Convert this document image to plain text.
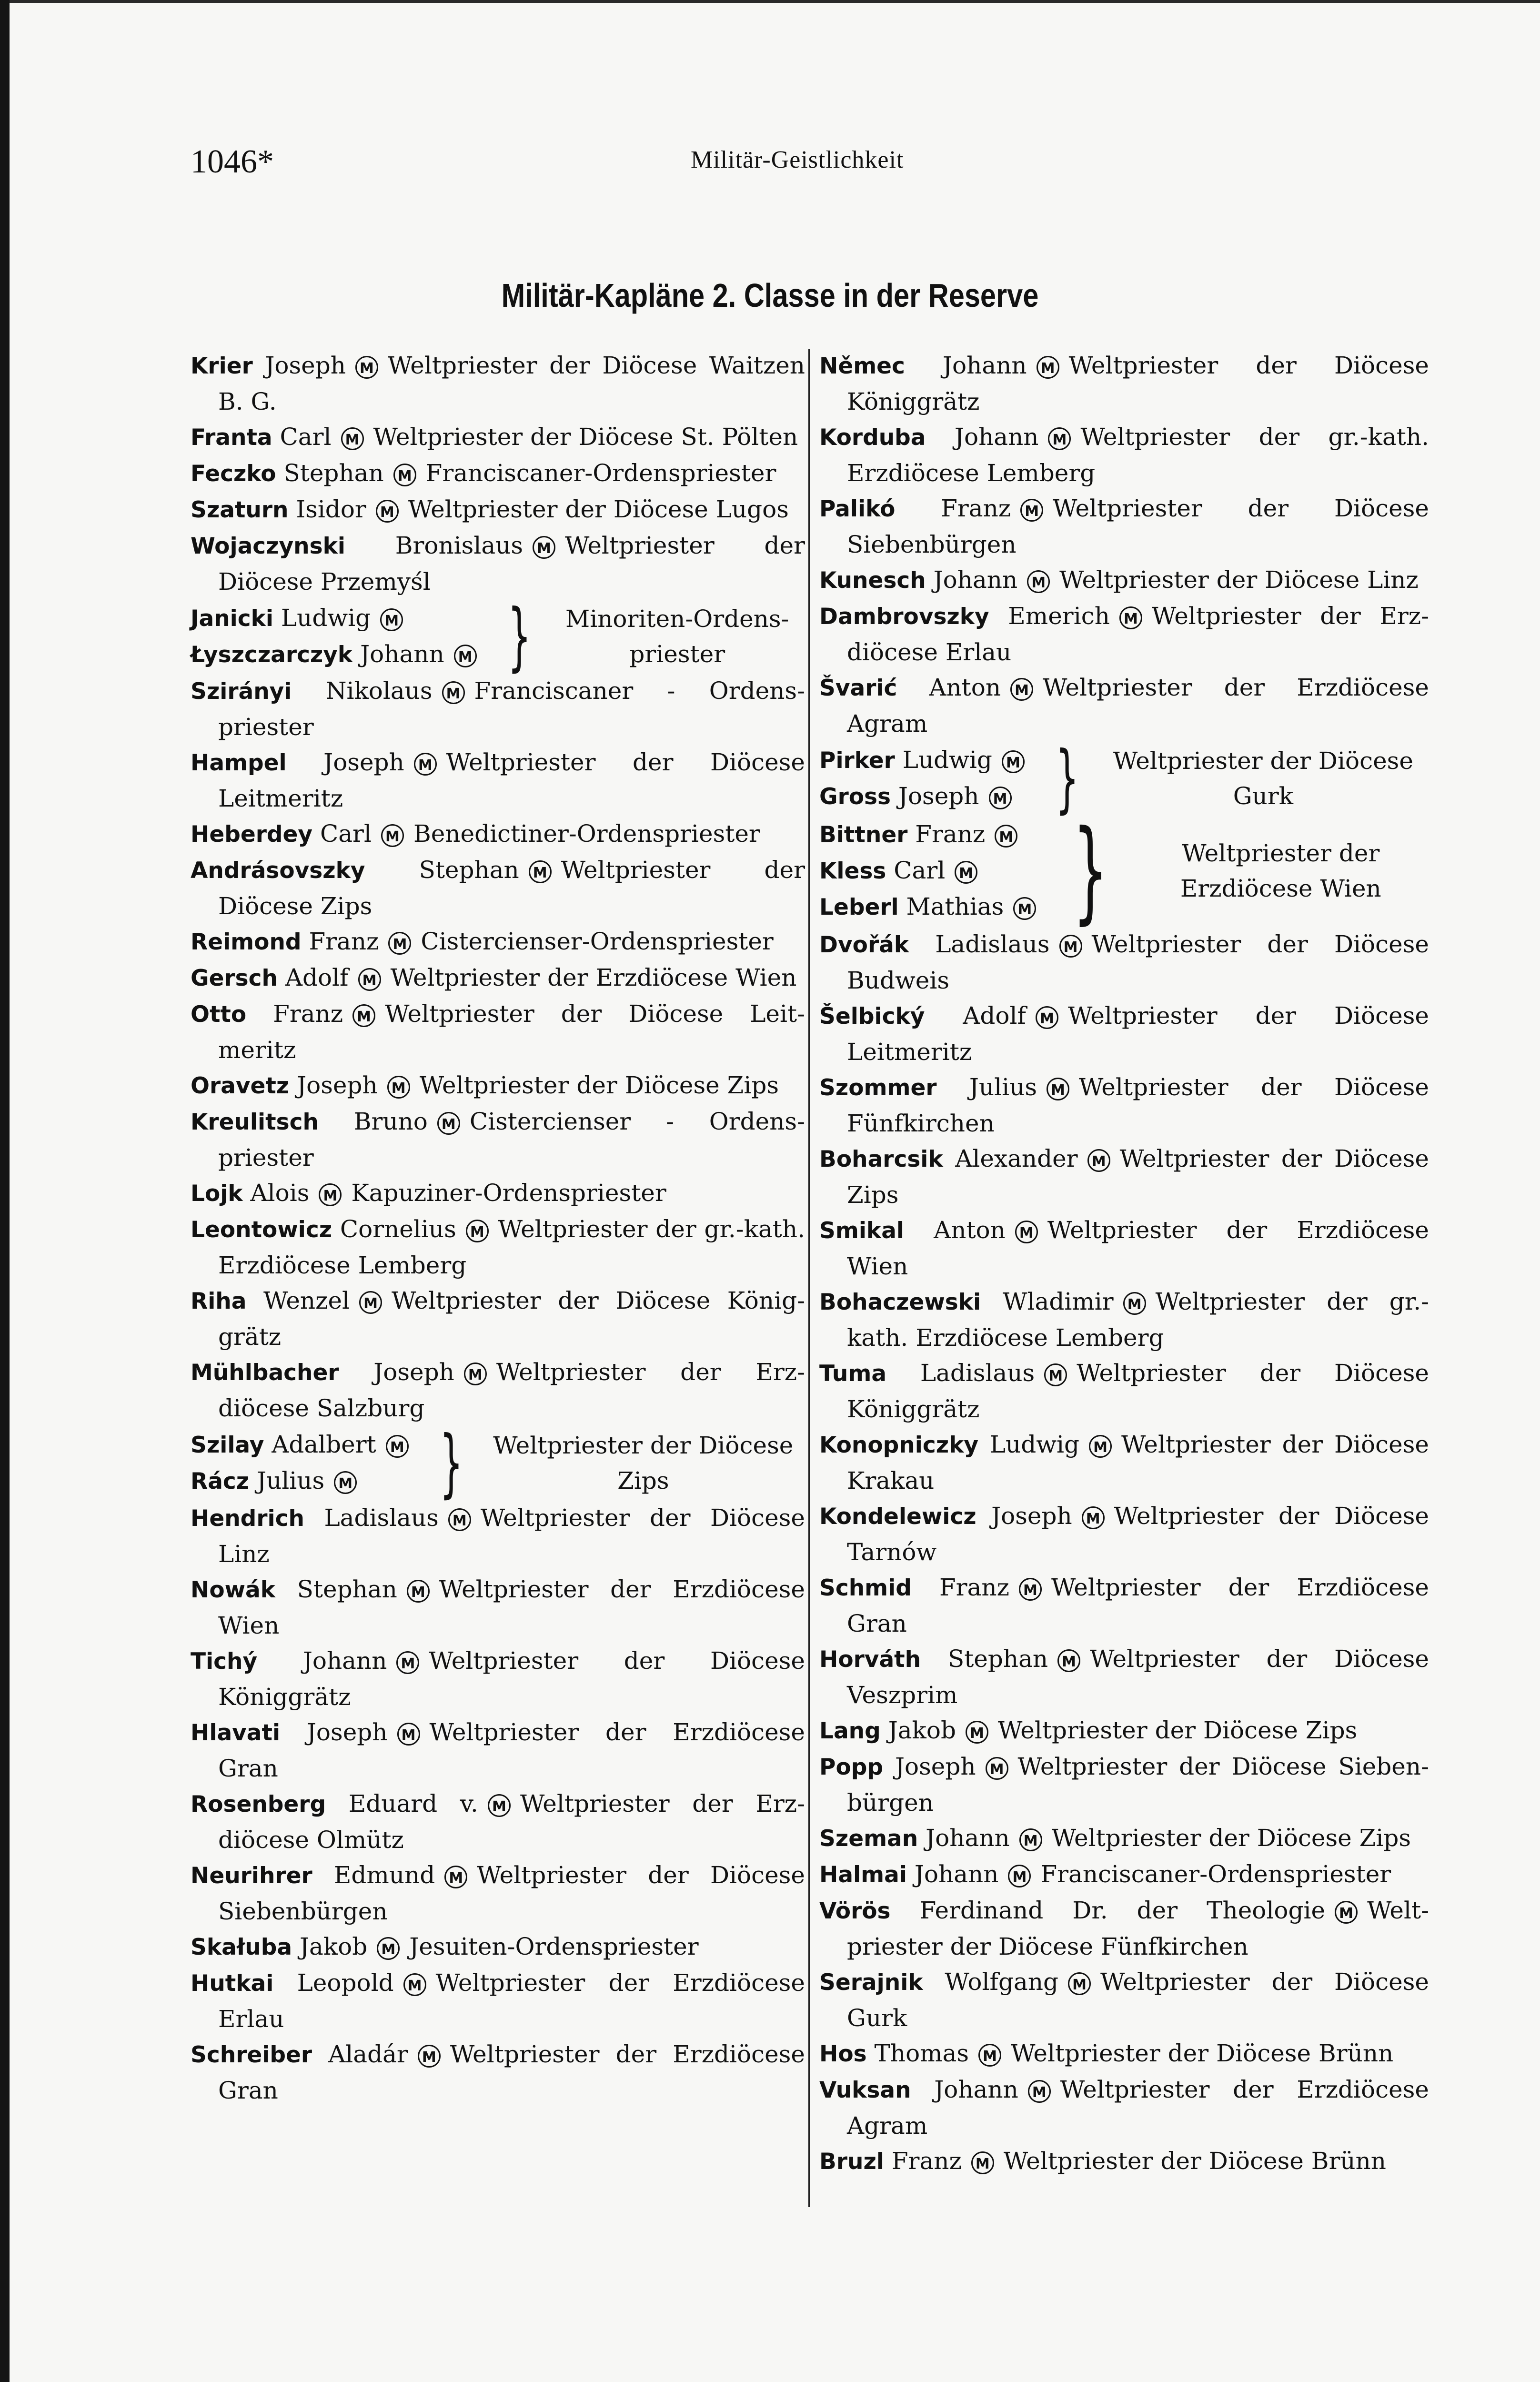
1046*	Militär-Geistlichkeit
Militär-Kapläne 2. Classe in der Reserve
Krier Joseph M Weltpriester der Diöcese Waitzen B. G.
Franta Carl M Weltpriester der Diöcese St. Pölten
Feczko Stephan M Franciscaner-Ordenspriester
Szaturn Isidor M Weltpriester der Diöcese Lugos
Wojaczynski Bronislaus M Weltpriester der Diöcese Przemyśl
Janicki Ludwig M
Łyszczarczyk Johann M }	Minoriten-Ordens-priester
Szirányi Nikolaus M Franciscaner - Ordens-priester
Hampel Joseph M Weltpriester der Diöcese Leitmeritz
Heberdey Carl M Benedictiner-Ordenspriester
Andrásovszky Stephan M Weltpriester der Diöcese Zips
Reimond Franz M Cistercienser-Ordenspriester
Gersch Adolf M Weltpriester der Erzdiöcese Wien
Otto Franz M Weltpriester der Diöcese Leit-meritz
Oravetz Joseph M Weltpriester der Diöcese Zips
Kreulitsch Bruno M Cistercienser - Ordens-priester
Lojk Alois M Kapuziner-Ordenspriester
Leontowicz Cornelius M Weltpriester der gr.-kath. Erzdiöcese Lemberg
Riha Wenzel M Weltpriester der Diöcese König-grätz
Mühlbacher Joseph M Weltpriester der Erz-diöcese Salzburg
Szilay Adalbert M
Rácz Julius M	}	Weltpriester der Diöcese Zips
Hendrich Ladislaus M Weltpriester der Diöcese Linz
Nowák Stephan M Weltpriester der Erzdiöcese Wien
Tichý Johann M Weltpriester der Diöcese Königgrätz
Hlavati Joseph M Weltpriester der Erzdiöcese Gran
Rosenberg Eduard v. M Weltpriester der Erz-diöcese Olmütz
Neurihrer Edmund M Weltpriester der Diöcese Siebenbürgen
Skałuba Jakob M Jesuiten-Ordenspriester
Hutkai Leopold M Weltpriester der Erzdiöcese Erlau
Schreiber Aladár M Weltpriester der Erzdiöcese Gran
Němec Johann M Weltpriester der Diöcese Königgrätz
Korduba Johann M Weltpriester der gr.-kath. Erzdiöcese Lemberg
Palikó Franz M Weltpriester der Diöcese Siebenbürgen
Kunesch Johann M Weltpriester der Diöcese Linz
Dambrovszky Emerich M Weltpriester der Erz-diöcese Erlau
Švarić Anton M Weltpriester der Erzdiöcese Agram
Pirker Ludwig M
Gross Joseph M }	Weltpriester der Diöcese Gurk
Bittner Franz M
Kless Carl M
Leberl Mathias M }	Weltpriester der Erzdiöcese Wien
Dvořák Ladislaus M Weltpriester der Diöcese Budweis
Šelbický Adolf M Weltpriester der Diöcese Leitmeritz
Szommer Julius M Weltpriester der Diöcese Fünfkirchen
Boharcsik Alexander M Weltpriester der Diöcese Zips
Smikal Anton M Weltpriester der Erzdiöcese Wien
Bohaczewski Wladimir M Weltpriester der gr.-kath. Erzdiöcese Lemberg
Tuma Ladislaus M Weltpriester der Diöcese Königgrätz
Konopniczky Ludwig M Weltpriester der Diöcese Krakau
Kondelewicz Joseph M Weltpriester der Diöcese Tarnów
Schmid Franz M Weltpriester der Erzdiöcese Gran
Horváth Stephan M Weltpriester der Diöcese Veszprim
Lang Jakob M Weltpriester der Diöcese Zips
Popp Joseph M Weltpriester der Diöcese Sieben-bürgen
Szeman Johann M Weltpriester der Diöcese Zips
Halmai Johann M Franciscaner-Ordenspriester
Vörös Ferdinand Dr. der Theologie M Welt-priester der Diöcese Fünfkirchen
Serajnik Wolfgang M Weltpriester der Diöcese Gurk
Hos Thomas M Weltpriester der Diöcese Brünn
Vuksan Johann M Weltpriester der Erzdiöcese Agram
Bruzl Franz M Weltpriester der Diöcese Brünn
